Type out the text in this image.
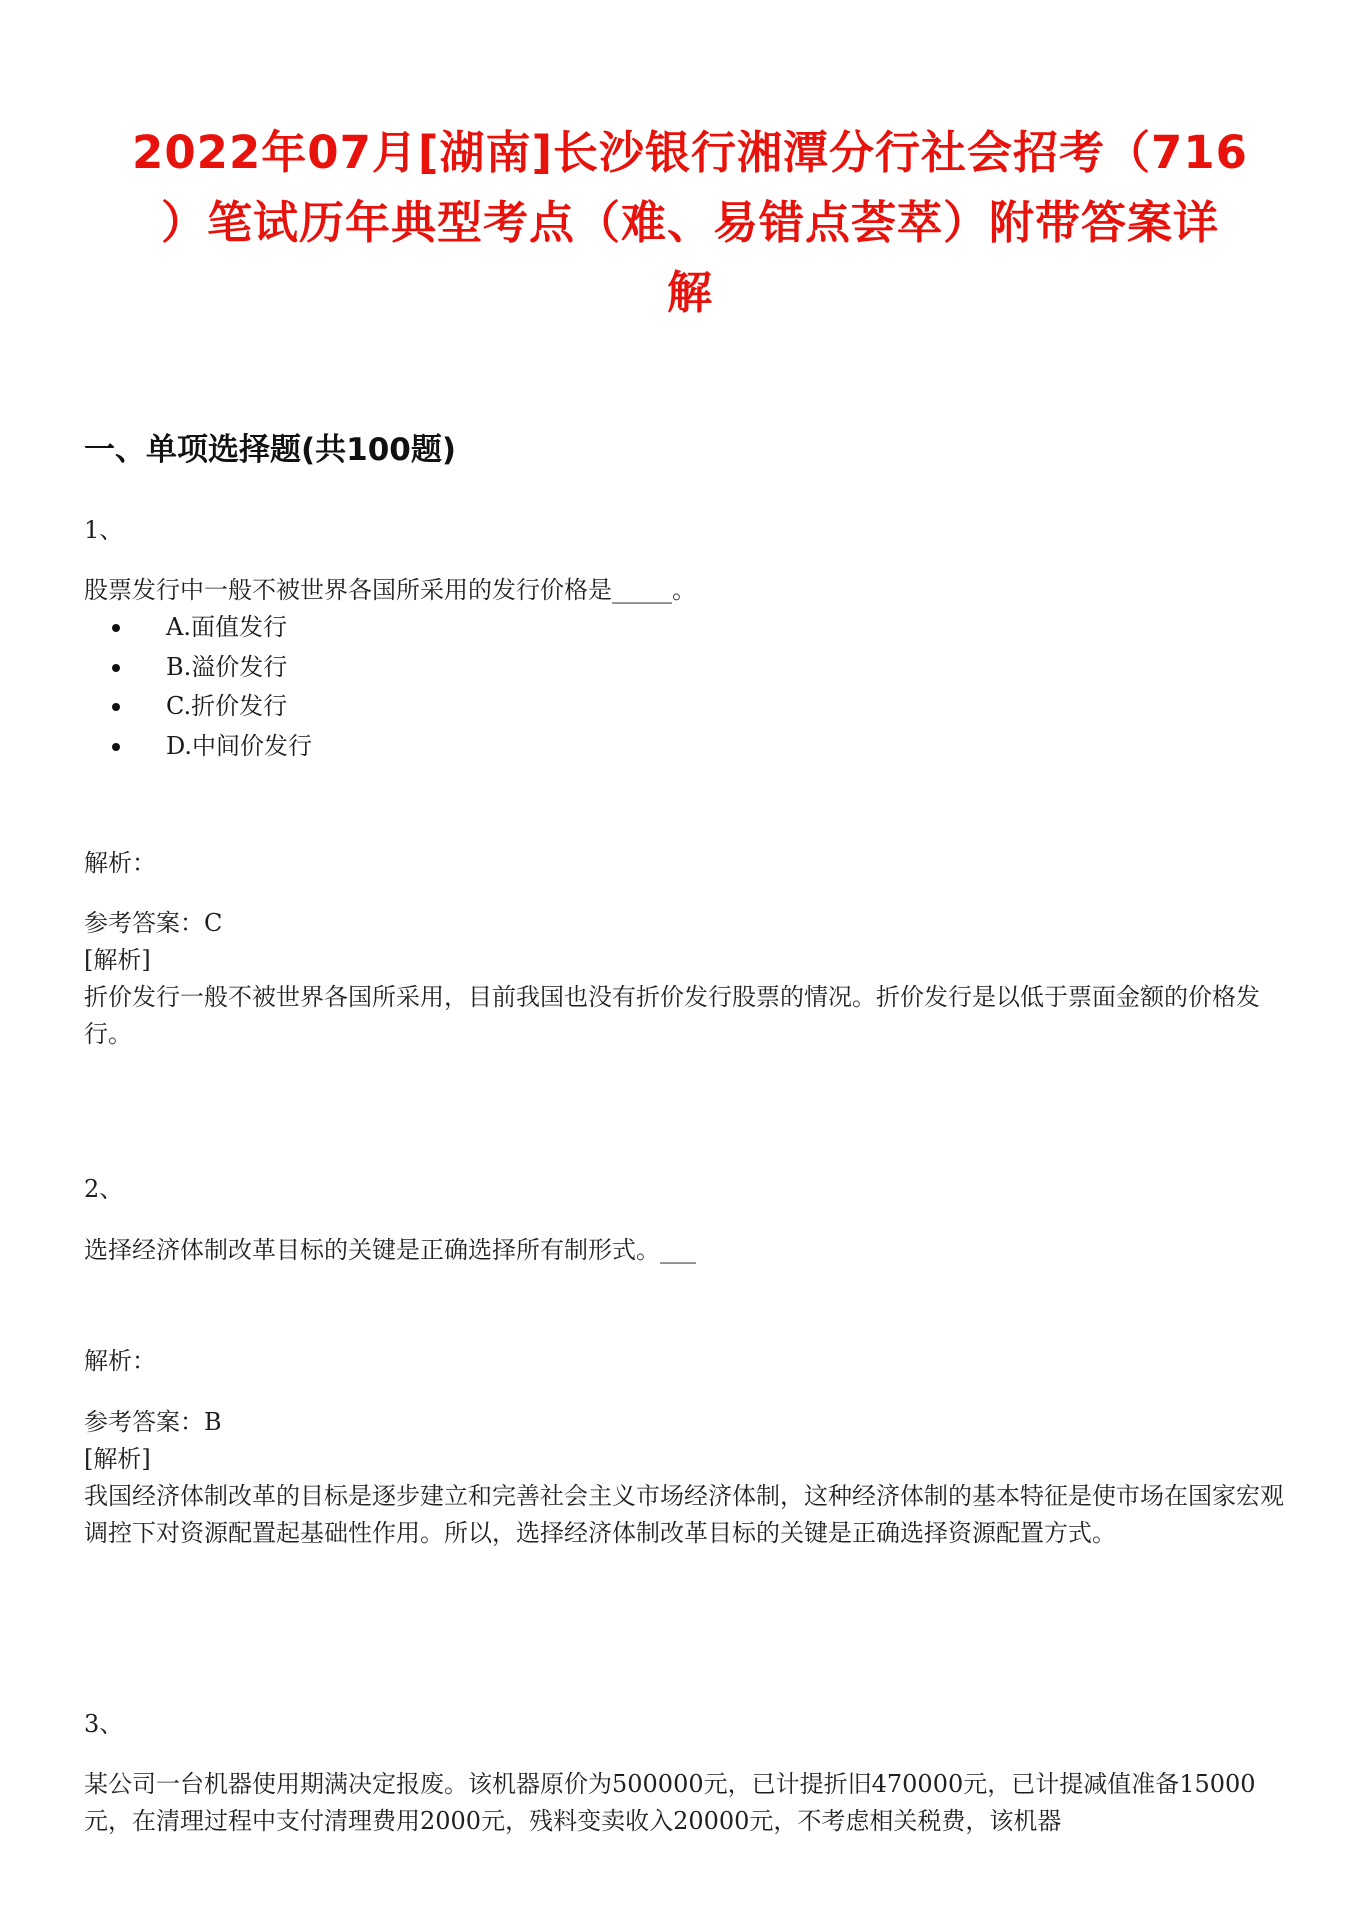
2022年07月[湖南]长沙银行湘潭分行社会招考（716
）笔试历年典型考点（难、易错点荟萃）附带答案详
解
一、单项选择题(共100题)

1、

股票发行中一般不被世界各国所采用的发行价格是_____。

A.面值发行
B.溢价发行
C.折价发行
D.中间价发行

解析：

参考答案：C

[解析]

折价发行一般不被世界各国所采用，目前我国也没有折价发行股票的情况。折价发行是以低于票面金额的价格发行。

2、

选择经济体制改革目标的关键是正确选择所有制形式。___

解析：

参考答案：B

[解析]

我国经济体制改革的目标是逐步建立和完善社会主义市场经济体制，这种经济体制的基本特征是使市场在国家宏观调控下对资源配置起基础性作用。所以，选择经济体制改革目标的关键是正确选择资源配置方式。

3、

某公司一台机器使用期满决定报废。该机器原价为500000元，已计提折旧470000元，已计提减值准备15000元，在清理过程中支付清理费用2000元，残料变卖收入20000元，不考虑相关税费，该机器
